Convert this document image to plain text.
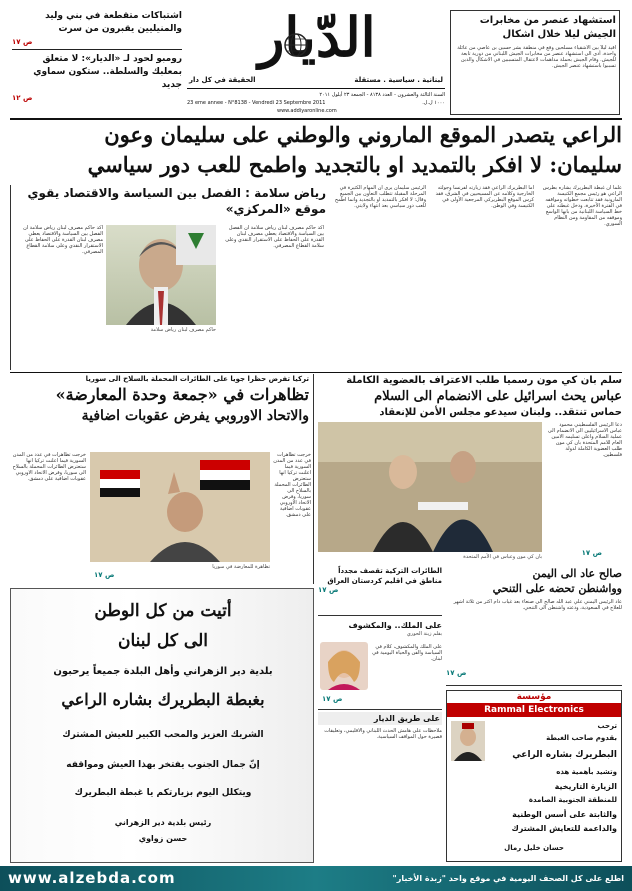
الدّيار
لبنانية . سياسية . مستقلة
الحقيقة في كل دار
السنة الثالثة والعشرون - العدد ٨١٣٨ - الجمعة ٢٣ أيلول ٢٠١١
23 eme annee - N°8138 - Vendredi 23 Septembre 2011	١٠٠٠ ل.ل.
www.addiyaronline.com
استشهاد عنصر من مخابرات الجيش ليلا خلال اشكال
اقيد ليلاً بين الأشقياء مسلحين وقع في منطقة بشر حسين بن عاصي من عائلة واحدة، أدى الى استشهاد عنصر من مخابرات الجيش اللبناني من دورية تابعة للجيش. وقام الجيش بحملة مداهمات لاعتقال المتسببين في الاشكال والذين تسببوا باستشهاد عنصر الجيش.
اشتباكات متقطعة في بني وليد والمنيليين يقبرون من سرت
ص ١٧
رومبو لحود لـ «الديار»: لا متعلق بمعلبك والسلطة.. ستكون سماوي جديد
ص ١٢
الراعي يتصدر الموقع الماروني والوطني على سليمان وعون
سليمان: لا افكر بالتمديد او بالتجديد واطمح للعب دور سياسي
علماً ان غبطة البطريرك بشاره بطرس الراعي هو رئيس مجمع الكنيسة المارونية فقد تتابعت خطواته ومواقفه في الفترة الأخيرة، ودخل غبطته على خط السياسة اللبنانية من بابها الواسع وموقفه من المقاومة ومن النظام السوري.
اما البطريرك الراعي فقد زيارته لفرنسا وجولته الخارجية وكلامه عن المسيحيين في الشرق، فقد كرس الموقع البطريركي المرجعية الأولى في الكنيسة وفي الوطن.
الرئيس سليمان يرى ان المهام الكثيرة في المرحلة المقبلة تتطلب التعاون بين الجميع وقال: لا افكر بالتمديد او بالتجديد وانما اطمح للعب دور سياسي بعد انتهاء ولايتي.
رياض سلامة : الفصل بين السياسة والاقتصاد يقوي موقع «المركزي»
حاكم مصرف لبنان رياض سلامة
اكد حاكم مصرف لبنان رياض سلامة ان الفصل بين السياسة والاقتصاد يعطي مصرف لبنان القدرة على الحفاظ على الاستقرار النقدي وعلى سلامة القطاع المصرفي.
اكد حاكم مصرف لبنان رياض سلامة ان الفصل بين السياسة والاقتصاد يعطي مصرف لبنان القدرة على الحفاظ على الاستقرار النقدي وعلى سلامة القطاع المصرفي.
سلم بان كي مون رسميا طلب الاعتراف بالعضوية الكاملة
عباس يحث اسرائيل على الانضمام الى السلام
حماس تنتقد.. ولبنان سيدعو مجلس الأمن للإنعقاد
بان كي مون وعباس في الأمم المتحدة
دعا الرئيس الفلسطيني محمود عباس الاسرائيليين الى الانضمام الى عملية السلام واعلن تسليمه الامين العام للامم المتحدة بان كي مون طلب العضوية الكاملة لدولة فلسطين.
ص ١٧
تركيا تفرض حظرا جويا على الطائرات المحملة بالسلاح الى سوريا
تظاهرات في «جمعة وحدة المعارضة»
والاتحاد الاوروبي يفرض عقوبات اضافية
تظاهرة للمعارضة في سوريا
خرجت تظاهرات في عدد من المدن السورية فيما اعلنت تركيا انها ستعترض الطائرات المحملة بالسلاح الى سوريا، وفرض الاتحاد الاوروبي عقوبات اضافية على دمشق.
خرجت تظاهرات في عدد من المدن السورية فيما اعلنت تركيا انها ستعترض الطائرات المحملة بالسلاح الى سوريا، وفرض الاتحاد الاوروبي عقوبات اضافية على دمشق.
ص ١٧	الطائرات التركية تقصف مجدداً مناطق في اقليم كردستان العراق
ص ١٧
على الملك.. والمكشوف
بقلم زينة الحوري
على الملك والمكشوف، كلام في السياسة والفن والحياة اليومية في لبنان.
ص ١٧
على طريق الديار
ملاحظات على هامش الحدث اللبناني والاقليمي، وتعليقات قصيرة حول المواقف السياسية.
صالح عاد الى اليمن
وواشنطن تحضه على التنحي
عاد الرئيس اليمني علي عبد الله صالح الى صنعاء بعد غياب دام اكثر من ثلاثة اشهر للعلاج في السعودية، ودعته واشنطن الى التنحي.
ص ١٧
أتيت من كل الوطن
الى كل لبنان
بلدية دير الزهراني وأهل البلدة جميعاً يرحبون
بغبطة البطريرك بشاره الراعي
الشريك العزيز والمحب الكبير للعيش المشترك
إنّ جمال الجنوب يفتخر بهذا العيش ومواقفه
ويتكلل اليوم بزيارتكم يا غبطة البطريرك
رئيس بلدية دير الزهراني
حسن زواوي
مؤسسة
Rammal Electronics
ترحب
بقدوم صاحب الغبطة
البطريرك بشاره الراعي
وتشيد بأهمية هذه
الزيارة التاريخية
للمنطقة الجنوبية الصامدة
والثابتة على أسس الوطنية
والداعمة للتعايش المشترك
حسان خليل رمال
www.alzebda.com	اطلع على كل الصحف اليومية في موقع واحد "زبدة الأخبار"
